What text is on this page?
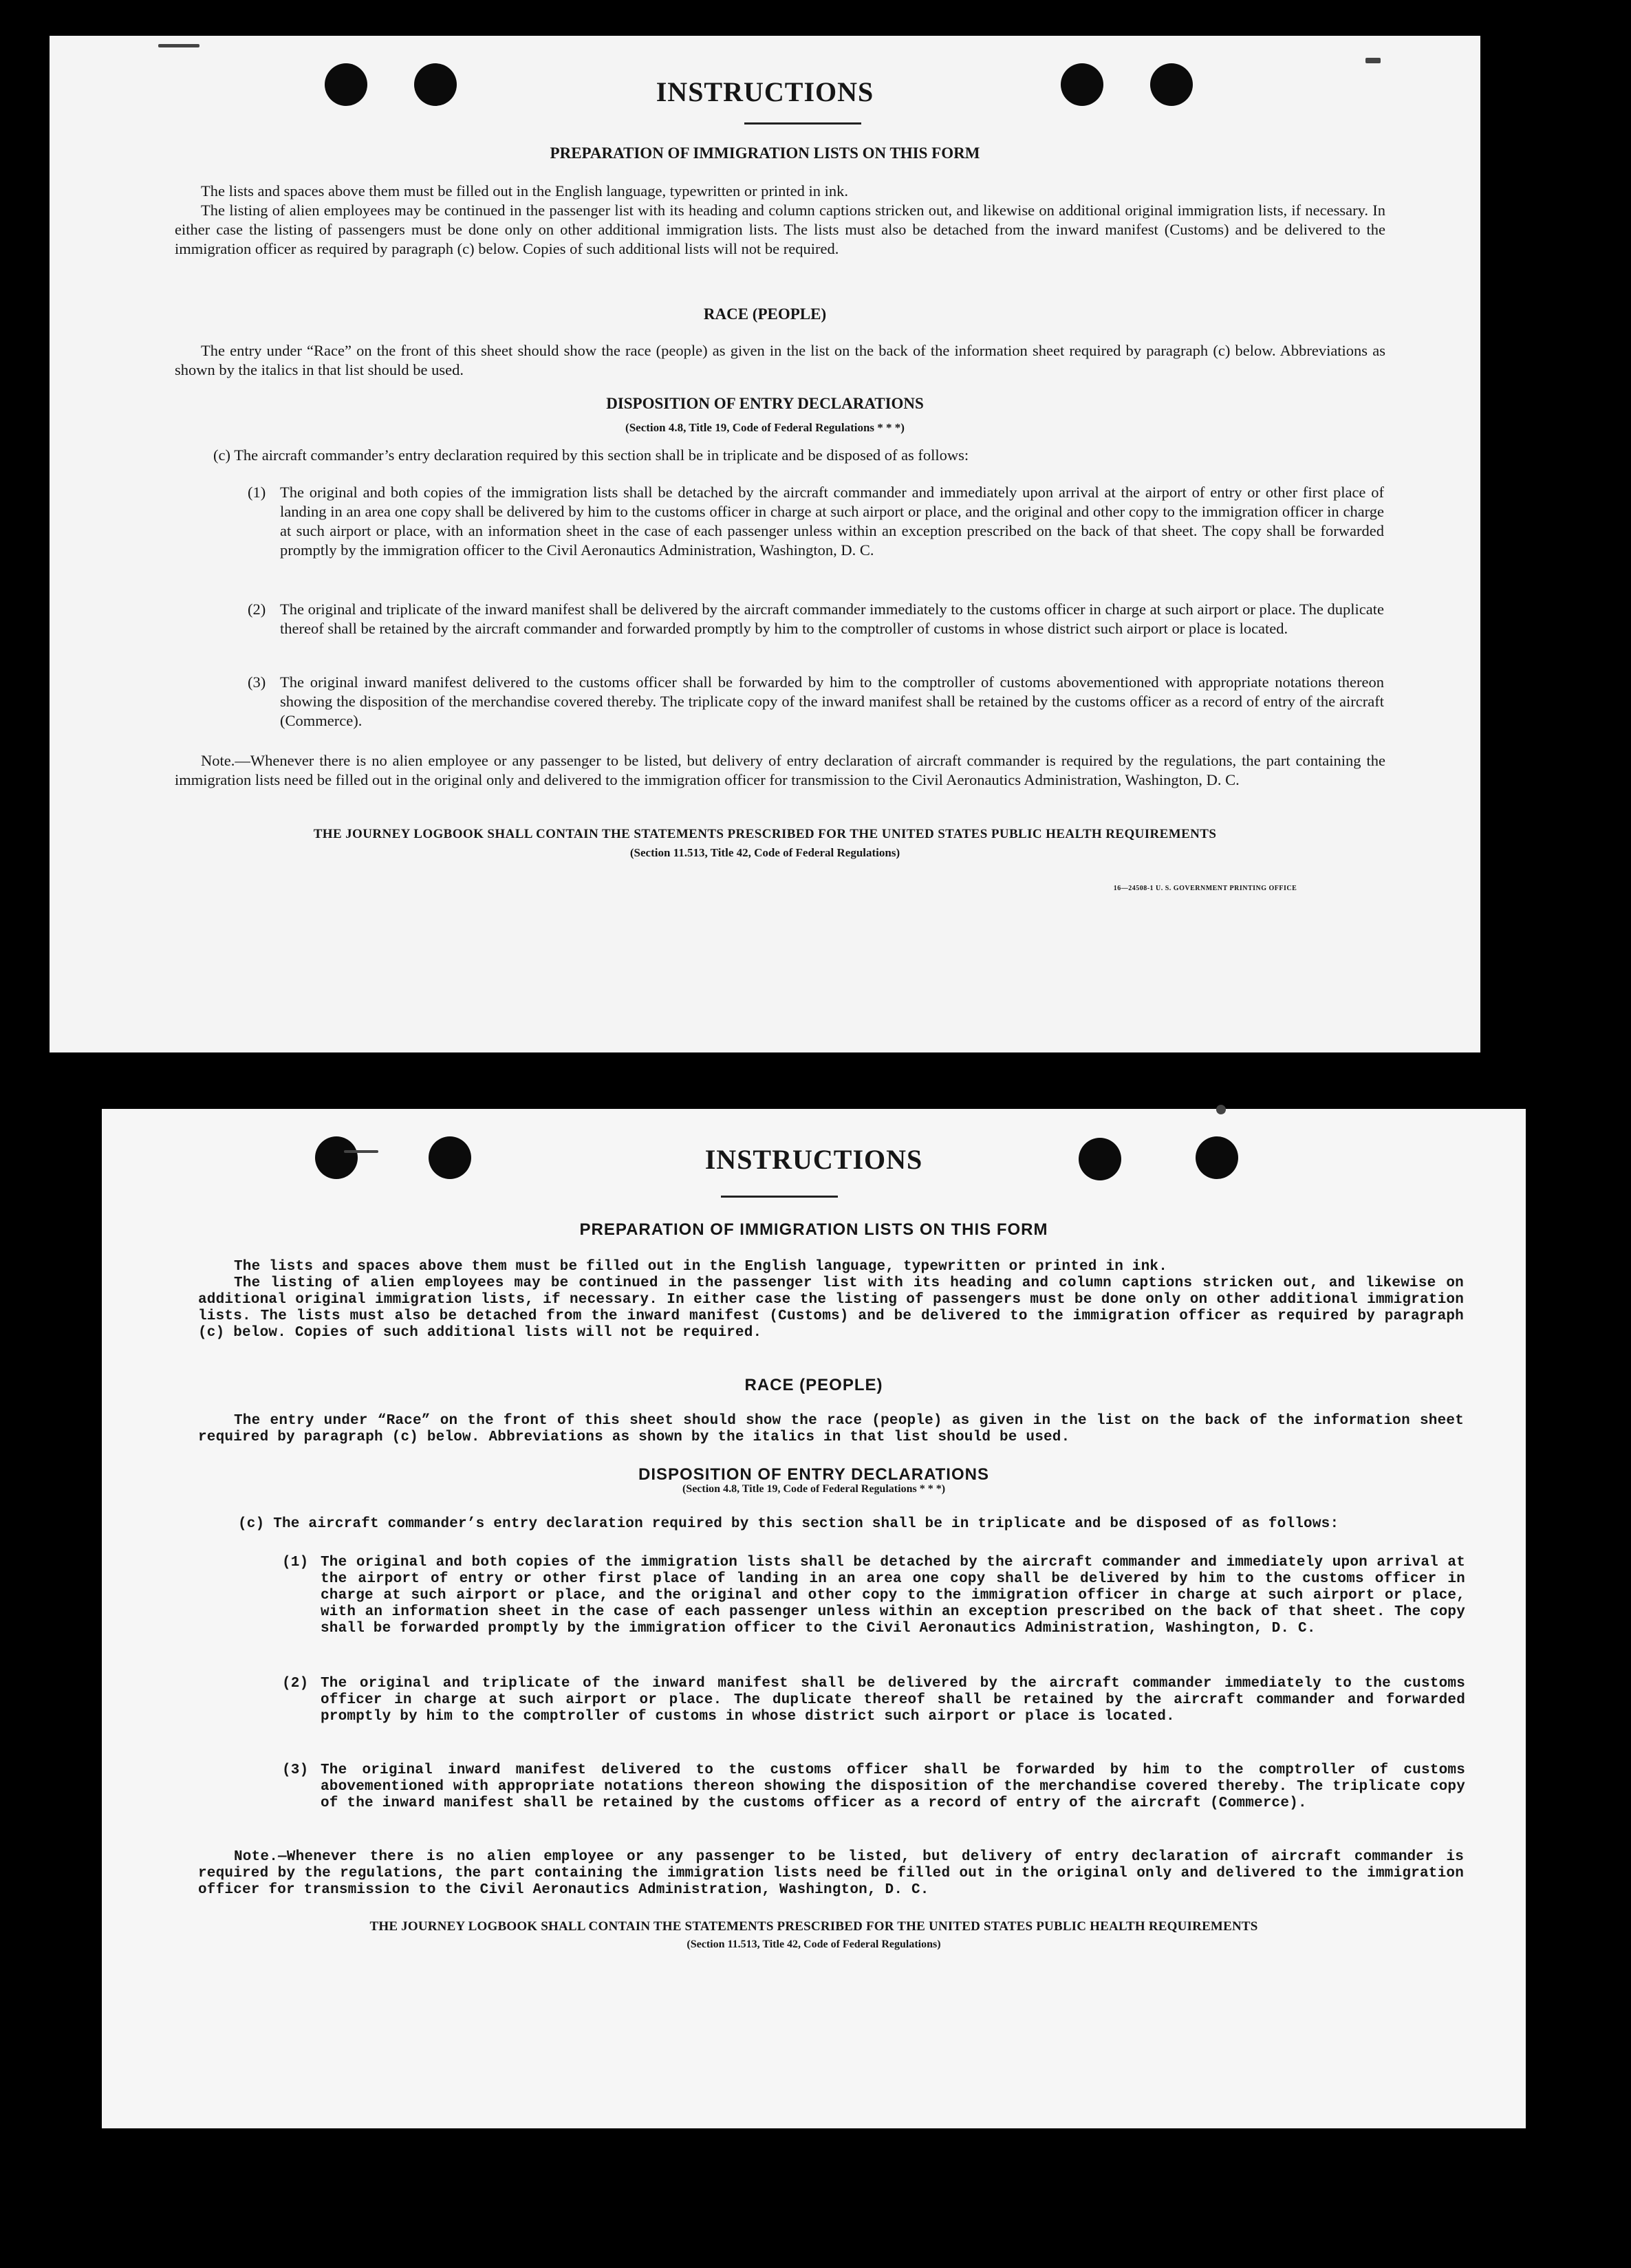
INSTRUCTIONS
PREPARATION OF IMMIGRATION LISTS ON THIS FORM
The lists and spaces above them must be filled out in the English language, typewritten or printed in ink.
The listing of alien employees may be continued in the passenger list with its heading and column captions stricken out, and likewise on additional original immigration lists, if necessary. In either case the listing of passengers must be done only on other additional immigration lists. The lists must also be detached from the inward manifest (Customs) and be delivered to the immigration officer as required by paragraph (c) below. Copies of such additional lists will not be required.
RACE (PEOPLE)
The entry under “Race” on the front of this sheet should show the race (people) as given in the list on the back of the information sheet required by paragraph (c) below. Abbreviations as shown by the italics in that list should be used.
DISPOSITION OF ENTRY DECLARATIONS
(Section 4.8, Title 19, Code of Federal Regulations * * *)
(c) The aircraft commander’s entry declaration required by this section shall be in triplicate and be disposed of as follows:
(1) The original and both copies of the immigration lists shall be detached by the aircraft commander and immediately upon arrival at the airport of entry or other first place of landing in an area one copy shall be delivered by him to the customs officer in charge at such airport or place, and the original and other copy to the immigration officer in charge at such airport or place, with an information sheet in the case of each passenger unless within an exception prescribed on the back of that sheet. The copy shall be forwarded promptly by the immigration officer to the Civil Aeronautics Administration, Washington, D. C.
(2) The original and triplicate of the inward manifest shall be delivered by the aircraft commander immediately to the customs officer in charge at such airport or place. The duplicate thereof shall be retained by the aircraft commander and forwarded promptly by him to the comptroller of customs in whose district such airport or place is located.
(3) The original inward manifest delivered to the customs officer shall be forwarded by him to the comptroller of customs abovementioned with appropriate notations thereon showing the disposition of the merchandise covered thereby. The triplicate copy of the inward manifest shall be retained by the customs officer as a record of entry of the aircraft (Commerce).
Note.—Whenever there is no alien employee or any passenger to be listed, but delivery of entry declaration of aircraft commander is required by the regulations, the part containing the immigration lists need be filled out in the original only and delivered to the immigration officer for transmission to the Civil Aeronautics Administration, Washington, D. C.
THE JOURNEY LOGBOOK SHALL CONTAIN THE STATEMENTS PRESCRIBED FOR THE UNITED STATES PUBLIC HEALTH REQUIREMENTS
(Section 11.513, Title 42, Code of Federal Regulations)
16—24508-1 U. S. GOVERNMENT PRINTING OFFICE
INSTRUCTIONS
PREPARATION OF IMMIGRATION LISTS ON THIS FORM
The lists and spaces above them must be filled out in the English language, typewritten or printed in ink.
The listing of alien employees may be continued in the passenger list with its heading and column captions stricken out, and likewise on additional original immigration lists, if necessary. In either case the listing of passengers must be done only on other additional immigration lists. The lists must also be detached from the inward manifest (Customs) and be delivered to the immigration officer as required by paragraph (c) below. Copies of such additional lists will not be required.
RACE (PEOPLE)
The entry under “Race” on the front of this sheet should show the race (people) as given in the list on the back of the information sheet required by paragraph (c) below. Abbreviations as shown by the italics in that list should be used.
DISPOSITION OF ENTRY DECLARATIONS
(Section 4.8, Title 19, Code of Federal Regulations * * *)
(c) The aircraft commander’s entry declaration required by this section shall be in triplicate and be disposed of as follows:
(1) The original and both copies of the immigration lists shall be detached by the aircraft commander and immediately upon arrival at the airport of entry or other first place of landing in an area one copy shall be delivered by him to the customs officer in charge at such airport or place, and the original and other copy to the immigration officer in charge at such airport or place, with an information sheet in the case of each passenger unless within an exception prescribed on the back of that sheet. The copy shall be forwarded promptly by the immigration officer to the Civil Aeronautics Administration, Washington, D. C.
(2) The original and triplicate of the inward manifest shall be delivered by the aircraft commander immediately to the customs officer in charge at such airport or place. The duplicate thereof shall be retained by the aircraft commander and forwarded promptly by him to the comptroller of customs in whose district such airport or place is located.
(3) The original inward manifest delivered to the customs officer shall be forwarded by him to the comptroller of customs abovementioned with appropriate notations thereon showing the disposition of the merchandise covered thereby. The triplicate copy of the inward manifest shall be retained by the customs officer as a record of entry of the aircraft (Commerce).
Note.—Whenever there is no alien employee or any passenger to be listed, but delivery of entry declaration of aircraft commander is required by the regulations, the part containing the immigration lists need be filled out in the original only and delivered to the immigration officer for transmission to the Civil Aeronautics Administration, Washington, D. C.
THE JOURNEY LOGBOOK SHALL CONTAIN THE STATEMENTS PRESCRIBED FOR THE UNITED STATES PUBLIC HEALTH REQUIREMENTS
(Section 11.513, Title 42, Code of Federal Regulations)
